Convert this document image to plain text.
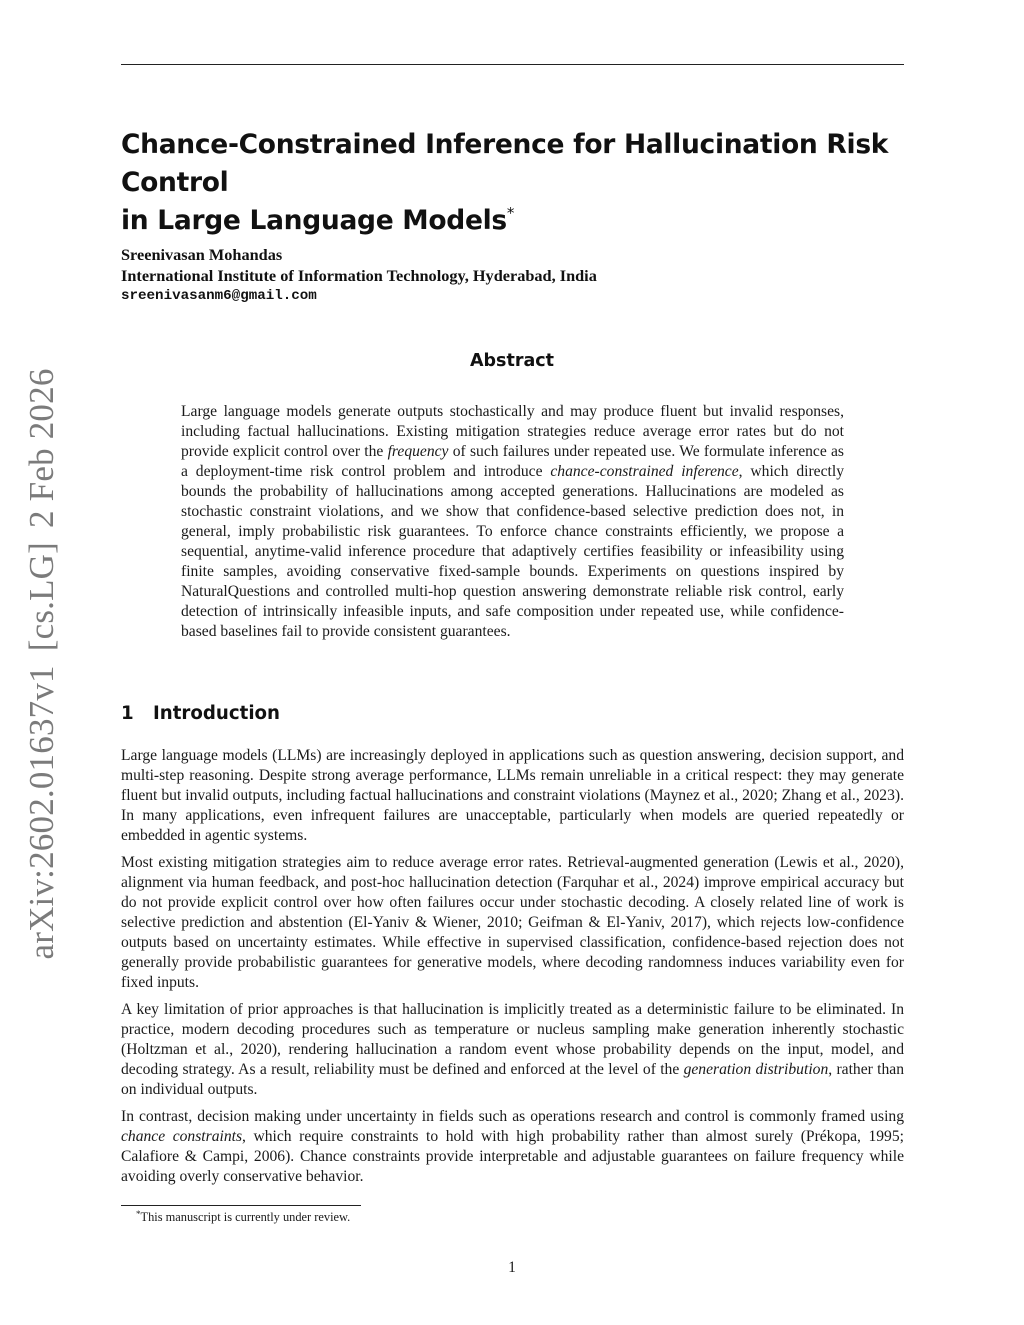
Chance-Constrained Inference for Hallucination Risk Control
in Large Language Models*
Sreenivasan Mohandas
International Institute of Information Technology, Hyderabad, India
sreenivasanm6@gmail.com
Abstract

Large language models generate outputs stochastically and may produce fluent but invalid responses, including factual hallucinations. Existing mitigation strategies reduce average error rates but do not provide explicit control over the frequency of such failures under repeated use. We formulate inference as a deployment-time risk control problem and introduce chance-constrained inference, which directly bounds the probability of hallucinations among accepted generations. Hallucinations are modeled as stochastic constraint violations, and we show that confidence-based selective prediction does not, in general, imply probabilistic risk guarantees. To enforce chance constraints efficiently, we propose a sequential, anytime-valid inference procedure that adaptively certifies feasibility or infeasibility using finite samples, avoiding conservative fixed-sample bounds. Experiments on questions inspired by NaturalQuestions and controlled multi-hop question answering demonstrate reliable risk control, early detection of intrinsically infeasible inputs, and safe composition under repeated use, while confidence-based baselines fail to provide consistent guarantees.

1 Introduction

Large language models (LLMs) are increasingly deployed in applications such as question answering, decision support, and multi-step reasoning. Despite strong average performance, LLMs remain unreliable in a critical respect: they may generate fluent but invalid outputs, including factual hallucinations and constraint violations (Maynez et al., 2020; Zhang et al., 2023). In many applications, even infrequent failures are unacceptable, particularly when models are queried repeatedly or embedded in agentic systems.

Most existing mitigation strategies aim to reduce average error rates. Retrieval-augmented generation (Lewis et al., 2020), alignment via human feedback, and post-hoc hallucination detection (Farquhar et al., 2024) improve empirical accuracy but do not provide explicit control over how often failures occur under stochastic decoding. A closely related line of work is selective prediction and abstention (El-Yaniv & Wiener, 2010; Geifman & El-Yaniv, 2017), which rejects low-confidence outputs based on uncertainty estimates. While effective in supervised classification, confidence-based rejection does not generally provide probabilistic guarantees for generative models, where decoding randomness induces variability even for fixed inputs.

A key limitation of prior approaches is that hallucination is implicitly treated as a deterministic failure to be eliminated. In practice, modern decoding procedures such as temperature or nucleus sampling make generation inherently stochastic (Holtzman et al., 2020), rendering hallucination a random event whose probability depends on the input, model, and decoding strategy. As a result, reliability must be defined and enforced at the level of the generation distribution, rather than on individual outputs.

In contrast, decision making under uncertainty in fields such as operations research and control is commonly framed using chance constraints, which require constraints to hold with high probability rather than almost surely (Prékopa, 1995; Calafiore & Campi, 2006). Chance constraints provide interpretable and adjustable guarantees on failure frequency while avoiding overly conservative behavior.

*This manuscript is currently under review.
1
arXiv:2602.01637v1[cs.LG]2 Feb 2026
